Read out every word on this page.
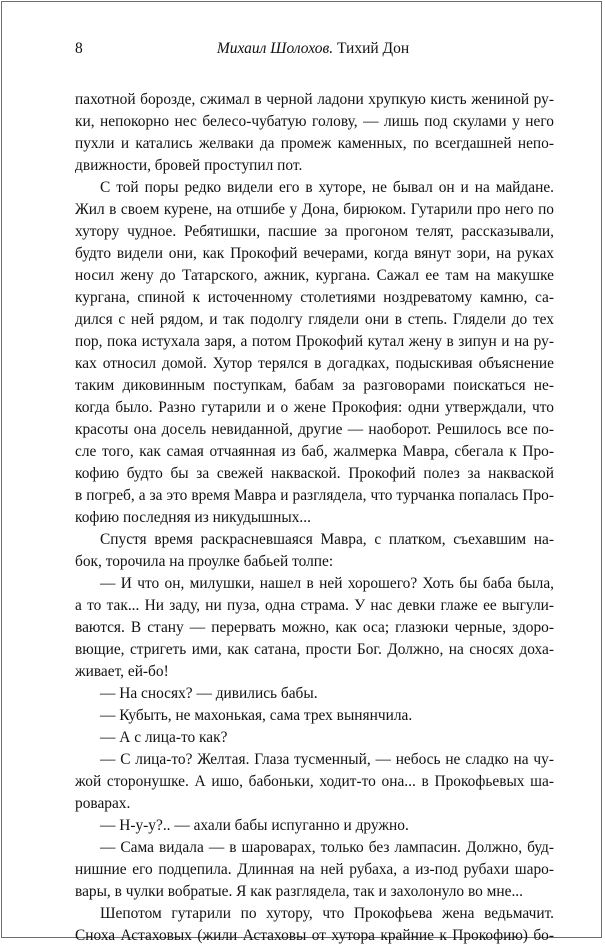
8	Михаил Шолохов. Тихий Дон
пахотной борозде, сжимал в черной ладони хрупкую кисть жениной ру-
ки, непокорно нес белесо-чубатую голову, — лишь под скулами у него
пухли и катались желваки да промеж каменных, по всегдашней непо-
движности, бровей проступил пот.
С той поры редко видели его в хуторе, не бывал он и на майдане.
Жил в своем курене, на отшибе у Дона, бирюком. Гутарили про него по
хутору чудное. Ребятишки, пасшие за прогоном телят, рассказывали,
будто видели они, как Прокофий вечерами, когда вянут зори, на руках
носил жену до Татарского, ажник, кургана. Сажал ее там на макушке
кургана, спиной к источенному столетиями ноздреватому камню, са-
дился с ней рядом, и так подолгу глядели они в степь. Глядели до тех
пор, пока истухала заря, а потом Прокофий кутал жену в зипун и на ру-
ках относил домой. Хутор терялся в догадках, подыскивая объяснение
таким диковинным поступкам, бабам за разговорами поискаться не-
когда было. Разно гутарили и о жене Прокофия: одни утверждали, что
красоты она досель невиданной, другие — наоборот. Решилось все по-
сле того, как самая отчаянная из баб, жалмерка Мавра, сбегала к Про-
кофию будто бы за свежей накваской. Прокофий полез за накваской
в погреб, а за это время Мавра и разглядела, что турчанка попалась Про-
кофию последняя из никудышных...
Спустя время раскрасневшаяся Мавра, с платком, съехавшим на-
бок, торочила на проулке бабьей толпе:
— И что он, милушки, нашел в ней хорошего? Хоть бы баба была,
а то так... Ни заду, ни пуза, одна страма. У нас девки глаже ее выгули-
ваются. В стану — перервать можно, как оса; глазюки черные, здоро-
вющие, стригеть ими, как сатана, прости Бог. Должно, на сносях доха-
живает, ей-бо!
— На сносях? — дивились бабы.
— Кубыть, не махонькая, сама трех вынянчила.
— А с лица-то как?
— С лица-то? Желтая. Глаза тусменный, — небось не сладко на чу-
жой сторонушке. А ишо, бабоньки, ходит-то она... в Прокофьевых ша-
роварах.
— Н-у-у?.. — ахали бабы испуганно и дружно.
— Сама видала — в шароварах, только без лампасин. Должно, буд-
нишние его подцепила. Длинная на ней рубаха, а из-под рубахи шаро-
вары, в чулки вобратые. Я как разглядела, так и захолонуло во мне...
Шепотом гутарили по хутору, что Прокофьева жена ведьмачит.
Сноха Астаховых (жили Астаховы от хутора крайние к Прокофию) бо-
